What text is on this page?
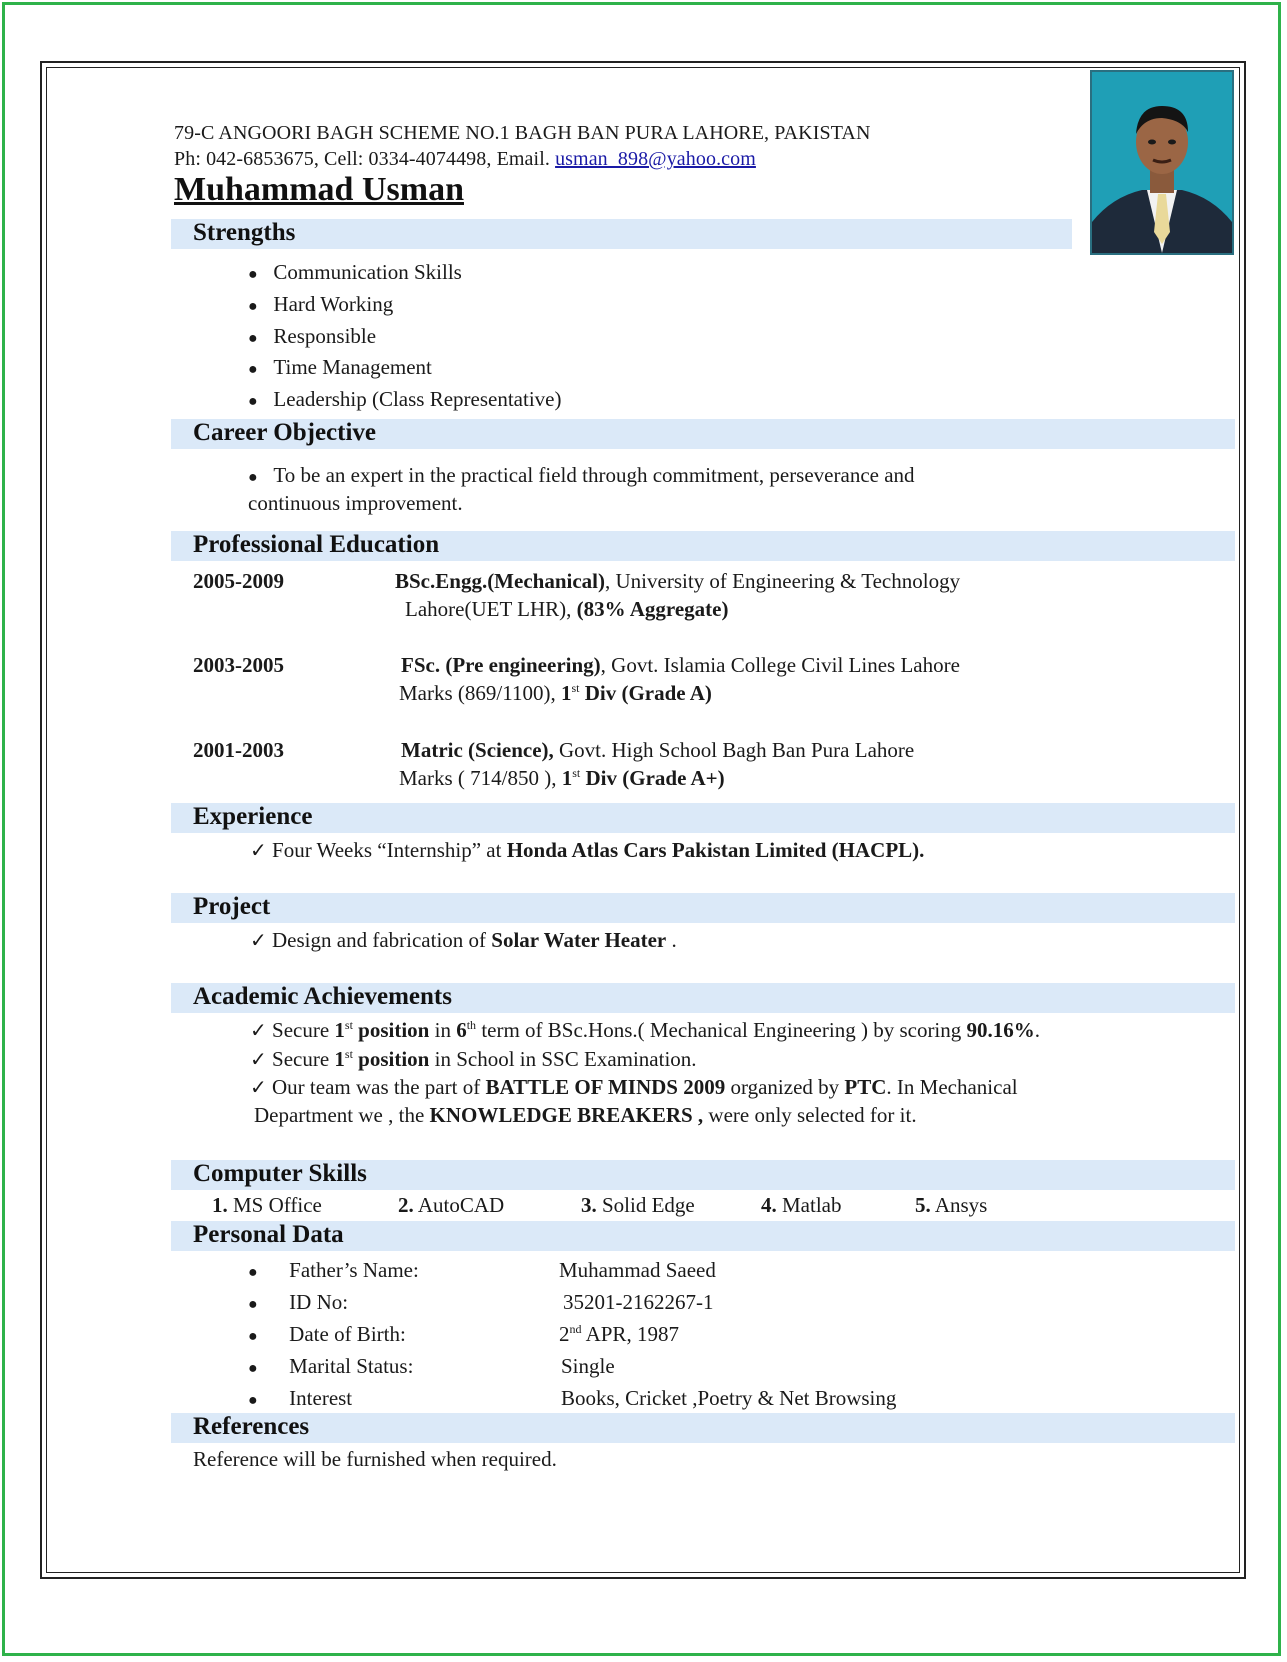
79-C ANGOORI BAGH SCHEME NO.1 BAGH BAN PURA LAHORE, PAKISTAN
Ph: 042-6853675, Cell: 0334-4074498, Email. usman_898@yahoo.com
Muhammad Usman
Strengths
● Communication Skills
● Hard Working
● Responsible
● Time Management
● Leadership (Class Representative)
Career Objective
● To be an expert in the practical field through commitment, perseverance and
continuous improvement.
Professional Education
2005-2009	BSc.Engg.(Mechanical), University of Engineering & Technology
Lahore(UET LHR), (83% Aggregate)
2003-2005	FSc. (Pre engineering), Govt. Islamia College Civil Lines Lahore
Marks (869/1100), 1st Div (Grade A)
2001-2003	Matric (Science), Govt. High School Bagh Ban Pura Lahore
Marks ( 714/850 ), 1st Div (Grade A+)
Experience
✓ Four Weeks “Internship” at Honda Atlas Cars Pakistan Limited (HACPL).
Project
✓ Design and fabrication of Solar Water Heater .
Academic Achievements
✓ Secure 1st position in 6th term of BSc.Hons.( Mechanical Engineering ) by scoring 90.16%.
✓ Secure 1st position in School in SSC Examination.
✓ Our team was the part of BATTLE OF MINDS 2009 organized by PTC. In Mechanical
Department we , the KNOWLEDGE BREAKERS , were only selected for it.
Computer Skills
1. MS Office	2. AutoCAD	3. Solid Edge	4. Matlab	5. Ansys
Personal Data
● Father’s Name:	Muhammad Saeed
● ID No:	35201-2162267-1
● Date of Birth:	2nd APR, 1987
● Marital Status:	Single
● Interest	Books, Cricket ,Poetry & Net Browsing
References
Reference will be furnished when required.
